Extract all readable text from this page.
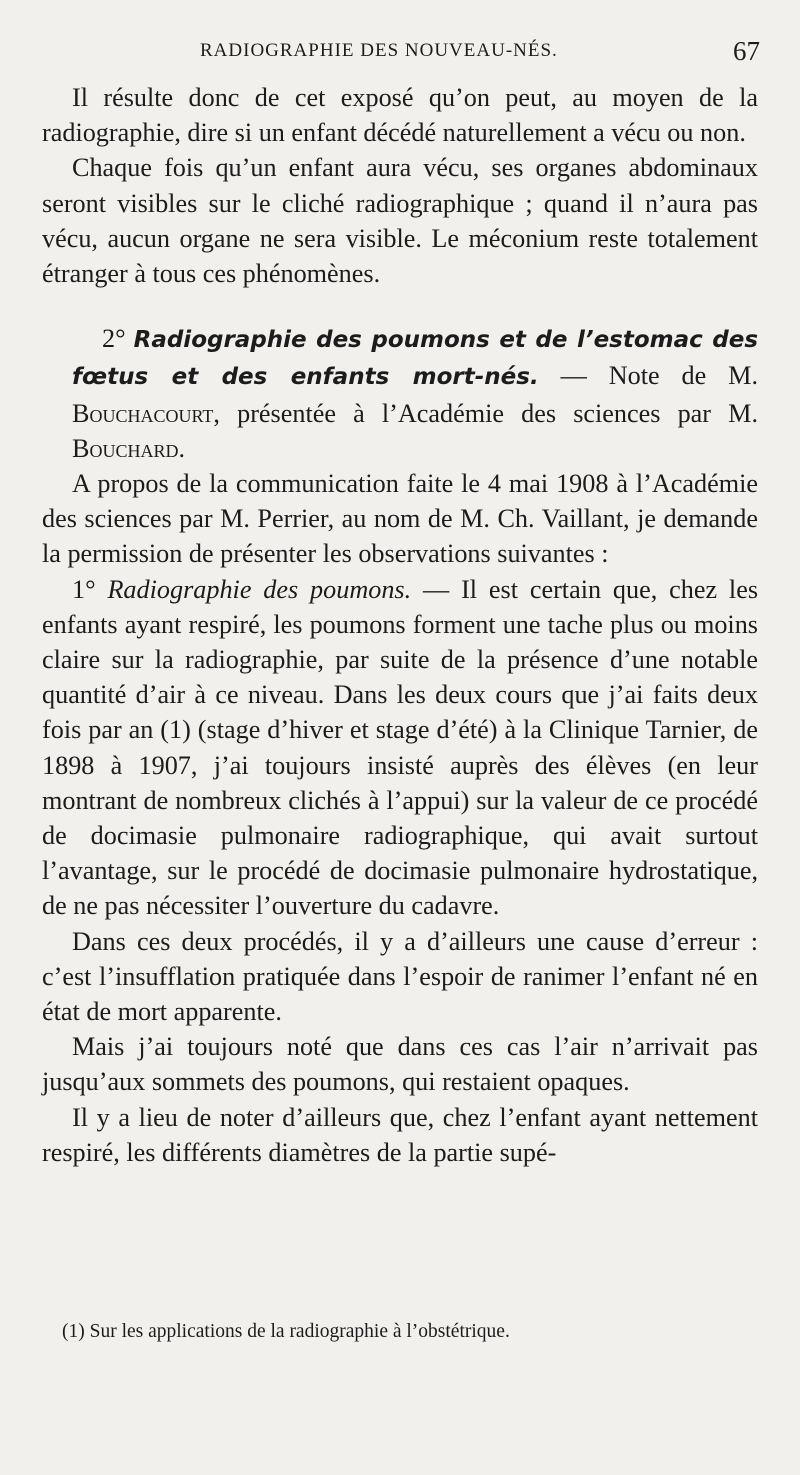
RADIOGRAPHIE DES NOUVEAU-NÉS.	67

Il résulte donc de cet exposé qu’on peut, au moyen de la radiographie, dire si un enfant décédé naturellement a vécu ou non.

Chaque fois qu’un enfant aura vécu, ses organes abdominaux seront visibles sur le cliché radiographique ; quand il n’aura pas vécu, aucun organe ne sera visible. Le méconium reste totalement étranger à tous ces phénomènes.

2° Radiographie des poumons et de l’estomac des fœtus et des enfants mort-nés. — Note de M. Bouchacourt, présentée à l’Académie des sciences par M. Bouchard.

A propos de la communication faite le 4 mai 1908 à l’Académie des sciences par M. Perrier, au nom de M. Ch. Vaillant, je demande la permission de présenter les observations suivantes :

1° Radiographie des poumons. — Il est certain que, chez les enfants ayant respiré, les poumons forment une tache plus ou moins claire sur la radiographie, par suite de la présence d’une notable quantité d’air à ce niveau. Dans les deux cours que j’ai faits deux fois par an (1) (stage d’hiver et stage d’été) à la Clinique Tarnier, de 1898 à 1907, j’ai toujours insisté auprès des élèves (en leur montrant de nombreux clichés à l’appui) sur la valeur de ce procédé de docimasie pulmonaire radiographique, qui avait surtout l’avantage, sur le procédé de docimasie pulmonaire hydrostatique, de ne pas nécessiter l’ouverture du cadavre.

Dans ces deux procédés, il y a d’ailleurs une cause d’erreur : c’est l’insufflation pratiquée dans l’espoir de ranimer l’enfant né en état de mort apparente.

Mais j’ai toujours noté que dans ces cas l’air n’arrivait pas jusqu’aux sommets des poumons, qui restaient opaques.

Il y a lieu de noter d’ailleurs que, chez l’enfant ayant nettement respiré, les différents diamètres de la partie supé-

(1) Sur les applications de la radiographie à l’obstétrique.
